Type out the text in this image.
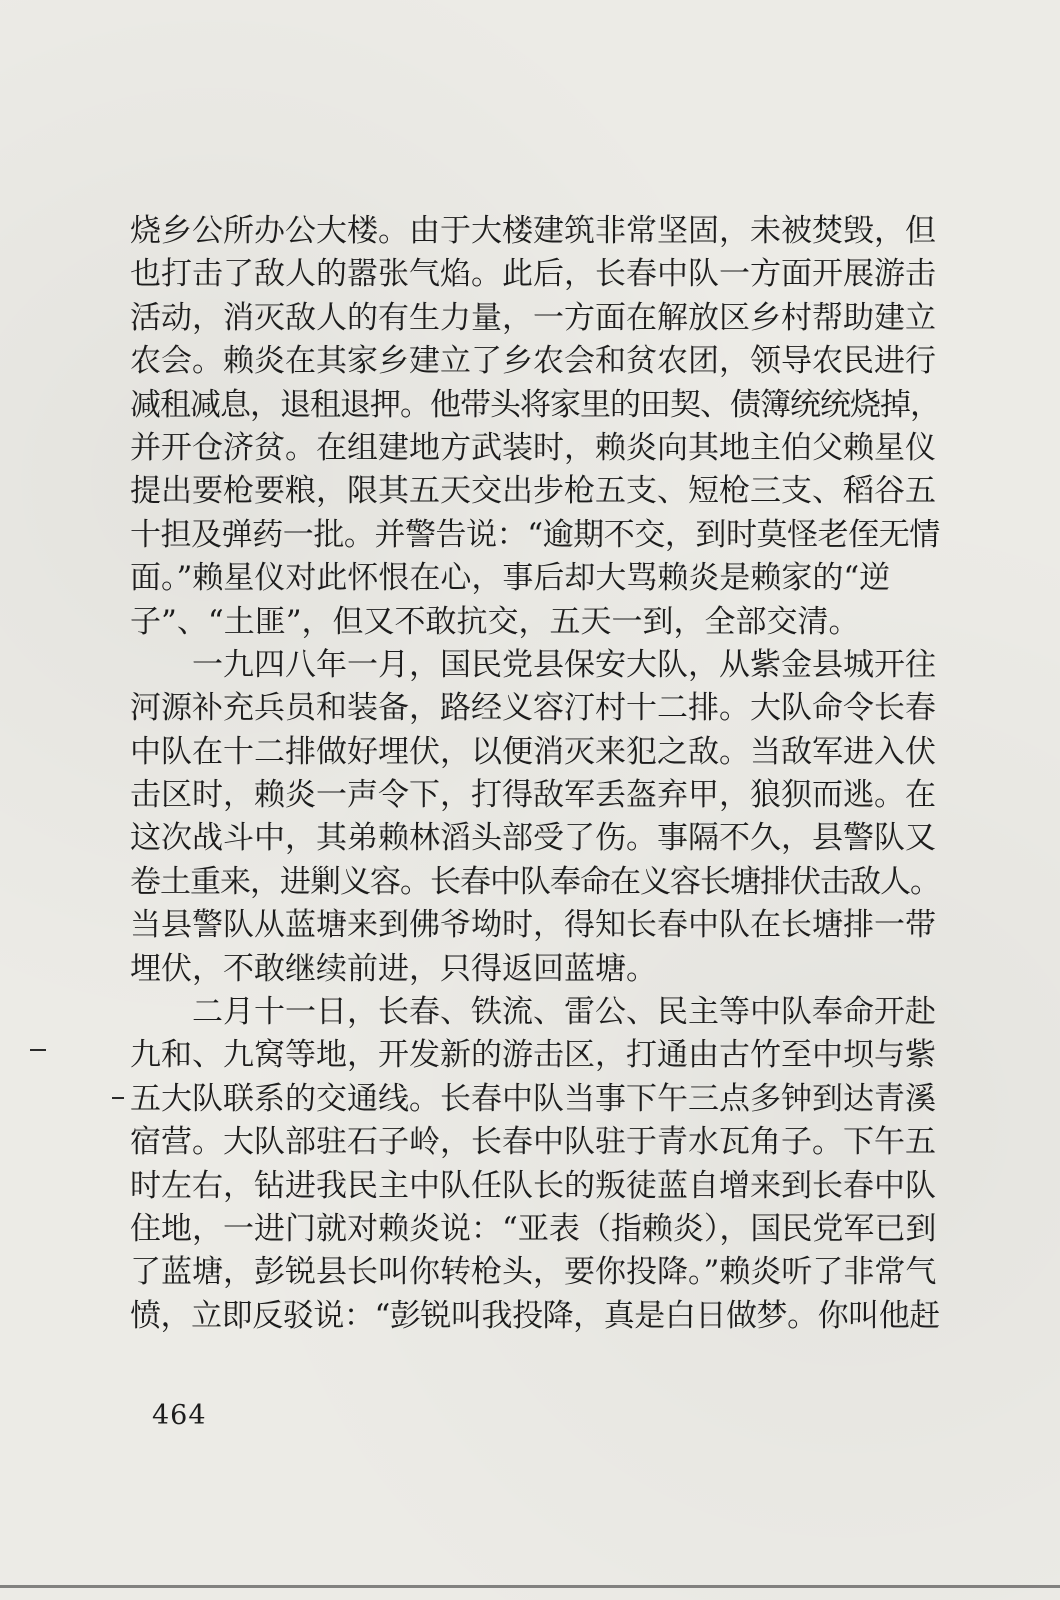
烧乡公所办公大楼。由于大楼建筑非常坚固，未被焚毁，但
也打击了敌人的嚣张气焰。此后，长春中队一方面开展游击
活动，消灭敌人的有生力量，一方面在解放区乡村帮助建立
农会。赖炎在其家乡建立了乡农会和贫农团，领导农民进行
减租减息，退租退押。他带头将家里的田契、债簿统统烧掉，
并开仓济贫。在组建地方武装时，赖炎向其地主伯父赖星仪
提出要枪要粮，限其五天交出步枪五支、短枪三支、稻谷五
十担及弹药一批。并警告说：“逾期不交，到时莫怪老侄无情
面。”赖星仪对此怀恨在心，事后却大骂赖炎是赖家的“逆
子”、“土匪”，但又不敢抗交，五天一到，全部交清。
一九四八年一月，国民党县保安大队，从紫金县城开往
河源补充兵员和装备，路经义容汀村十二排。大队命令长春
中队在十二排做好埋伏，以便消灭来犯之敌。当敌军进入伏
击区时，赖炎一声令下，打得敌军丢盔弃甲，狼狈而逃。在
这次战斗中，其弟赖林滔头部受了伤。事隔不久，县警队又
卷土重来，进剿义容。长春中队奉命在义容长塘排伏击敌人。
当县警队从蓝塘来到佛爷坳时，得知长春中队在长塘排一带
埋伏，不敢继续前进，只得返回蓝塘。
二月十一日，长春、铁流、雷公、民主等中队奉命开赴
九和、九窝等地，开发新的游击区，打通由古竹至中坝与紫
五大队联系的交通线。长春中队当事下午三点多钟到达青溪
宿营。大队部驻石子岭，长春中队驻于青水瓦角子。下午五
时左右，钻进我民主中队任队长的叛徒蓝自增来到长春中队
住地，一进门就对赖炎说：“亚表（指赖炎），国民党军已到
了蓝塘，彭锐县长叫你转枪头，要你投降。”赖炎听了非常气
愤，立即反驳说：“彭锐叫我投降，真是白日做梦。你叫他赶
464
